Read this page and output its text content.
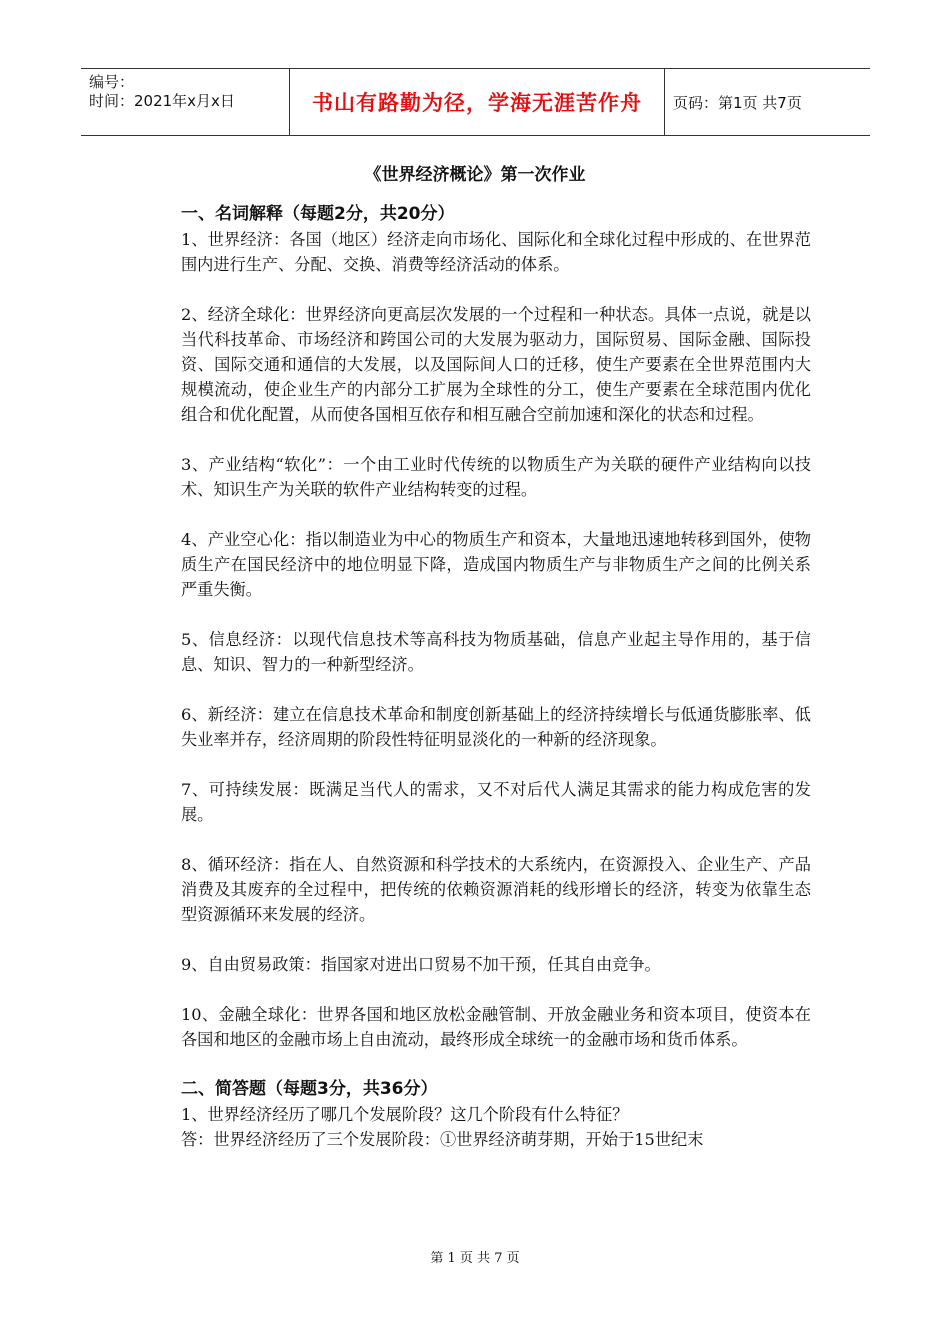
编号：
时间：2021年x月x日	书山有路勤为径，学海无涯苦作舟	页码：第1页 共7页
《世界经济概论》第一次作业
一、名词解释（每题2分，共20分）

1、世界经济：各国（地区）经济走向市场化、国际化和全球化过程中形成的、在世界范围内进行生产、分配、交换、消费等经济活动的体系。

2、经济全球化：世界经济向更高层次发展的一个过程和一种状态。具体一点说，就是以当代科技革命、市场经济和跨国公司的大发展为驱动力，国际贸易、国际金融、国际投资、国际交通和通信的大发展，以及国际间人口的迁移，使生产要素在全世界范围内大规模流动，使企业生产的内部分工扩展为全球性的分工，使生产要素在全球范围内优化组合和优化配置，从而使各国相互依存和相互融合空前加速和深化的状态和过程。

3、产业结构“软化”：一个由工业时代传统的以物质生产为关联的硬件产业结构向以技术、知识生产为关联的软件产业结构转变的过程。

4、产业空心化：指以制造业为中心的物质生产和资本，大量地迅速地转移到国外，使物质生产在国民经济中的地位明显下降，造成国内物质生产与非物质生产之间的比例关系严重失衡。

5、信息经济：以现代信息技术等高科技为物质基础，信息产业起主导作用的，基于信息、知识、智力的一种新型经济。

6、新经济：建立在信息技术革命和制度创新基础上的经济持续增长与低通货膨胀率、低失业率并存，经济周期的阶段性特征明显淡化的一种新的经济现象。

7、可持续发展：既满足当代人的需求，又不对后代人满足其需求的能力构成危害的发展。

8、循环经济：指在人、自然资源和科学技术的大系统内，在资源投入、企业生产、产品消费及其废弃的全过程中，把传统的依赖资源消耗的线形增长的经济，转变为依靠生态型资源循环来发展的经济。

9、自由贸易政策：指国家对进出口贸易不加干预，任其自由竞争。

10、金融全球化：世界各国和地区放松金融管制、开放金融业务和资本项目，使资本在各国和地区的金融市场上自由流动，最终形成全球统一的金融市场和货币体系。

二、简答题（每题3分，共36分）

1、世界经济经历了哪几个发展阶段？这几个阶段有什么特征？

答：世界经济经历了三个发展阶段：①世界经济萌芽期，开始于15世纪末

第 1 页 共 7 页
